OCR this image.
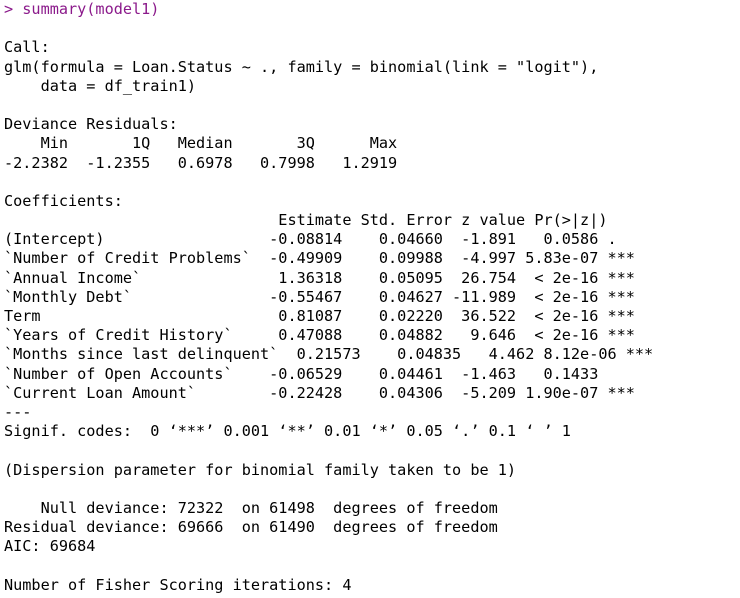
> summary(model1)
Call:
glm(formula = Loan.Status ~ ., family = binomial(link = "logit"),
data = df_train1)
Deviance Residuals:
Min       1Q   Median       3Q      Max
-2.2382  -1.2355   0.6978   0.7998   1.2919
Coefficients:
Estimate Std. Error z value Pr(>|z|)
(Intercept)                  -0.08814    0.04660  -1.891   0.0586 .
`Number of Credit Problems`  -0.49909    0.09988  -4.997 5.83e-07 ***
`Annual Income`               1.36318    0.05095  26.754  < 2e-16 ***
`Monthly Debt`               -0.55467    0.04627 -11.989  < 2e-16 ***
Term                          0.81087    0.02220  36.522  < 2e-16 ***
`Years of Credit History`     0.47088    0.04882   9.646  < 2e-16 ***
`Months since last delinquent`  0.21573    0.04835   4.462 8.12e-06 ***
`Number of Open Accounts`    -0.06529    0.04461  -1.463   0.1433
`Current Loan Amount`        -0.22428    0.04306  -5.209 1.90e-07 ***
---
Signif. codes:  0 ‘***’ 0.001 ‘**’ 0.01 ‘*’ 0.05 ‘.’ 0.1 ‘ ’ 1
(Dispersion parameter for binomial family taken to be 1)
Null deviance: 72322  on 61498  degrees of freedom
Residual deviance: 69666  on 61490  degrees of freedom
AIC: 69684
Number of Fisher Scoring iterations: 4
